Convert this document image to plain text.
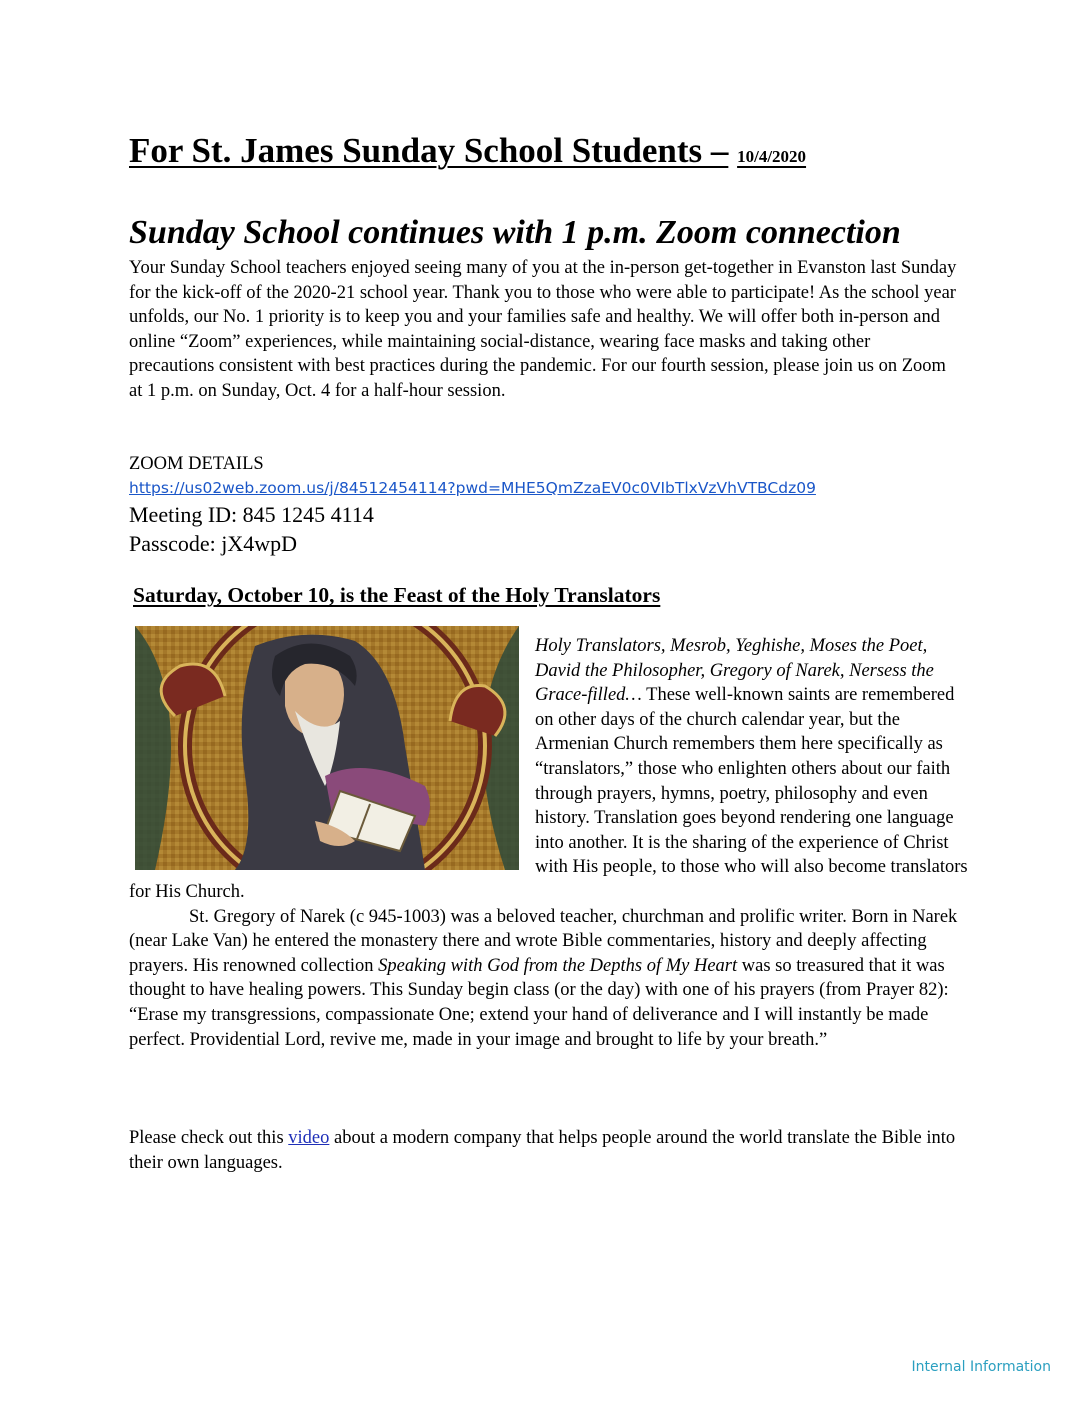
For St. James Sunday School Students – 10/4/2020
Sunday School continues with 1 p.m. Zoom connection

Your Sunday School teachers enjoyed seeing many of you at the in-person get-together in Evanston last Sunday for the kick-off of the 2020-21 school year. Thank you to those who were able to participate! As the school year unfolds, our No. 1 priority is to keep you and your families safe and healthy. We will offer both in-person and online “Zoom” experiences, while maintaining social-distance, wearing face masks and taking other precautions consistent with best practices during the pandemic. For our fourth session, please join us on Zoom at 1 p.m. on Sunday, Oct. 4 for a half-hour session.

ZOOM DETAILS

https://us02web.zoom.us/j/84512454114?pwd=MHE5QmZzaEV0c0VIbTlxVzVhVTBCdz09

Meeting ID: 845 1245 4114

Passcode: jX4wpD

Saturday, October 10, is the Feast of the Holy Translators

Holy Translators, Mesrob, Yeghishe, Moses the Poet, David the Philosopher, Gregory of Narek, Nersess the Grace-filled… These well-known saints are remembered on other days of the church calendar year, but the Armenian Church remembers them here specifically as “translators,” those who enlighten others about our faith through prayers, hymns, poetry, philosophy and even history. Translation goes beyond rendering one language into another. It is the sharing of the experience of Christ with His people, to those who will also become translators for His Church.

St. Gregory of Narek (c 945-1003) was a beloved teacher, churchman and prolific writer. Born in Narek (near Lake Van) he entered the monastery there and wrote Bible commentaries, history and deeply affecting prayers. His renowned collection Speaking with God from the Depths of My Heart was so treasured that it was thought to have healing powers. This Sunday begin class (or the day) with one of his prayers (from Prayer 82): “Erase my transgressions, compassionate One; extend your hand of deliverance and I will instantly be made perfect. Providential Lord, revive me, made in your image and brought to life by your breath.”

Please check out this video about a modern company that helps people around the world translate the Bible into their own languages.

Internal Information
